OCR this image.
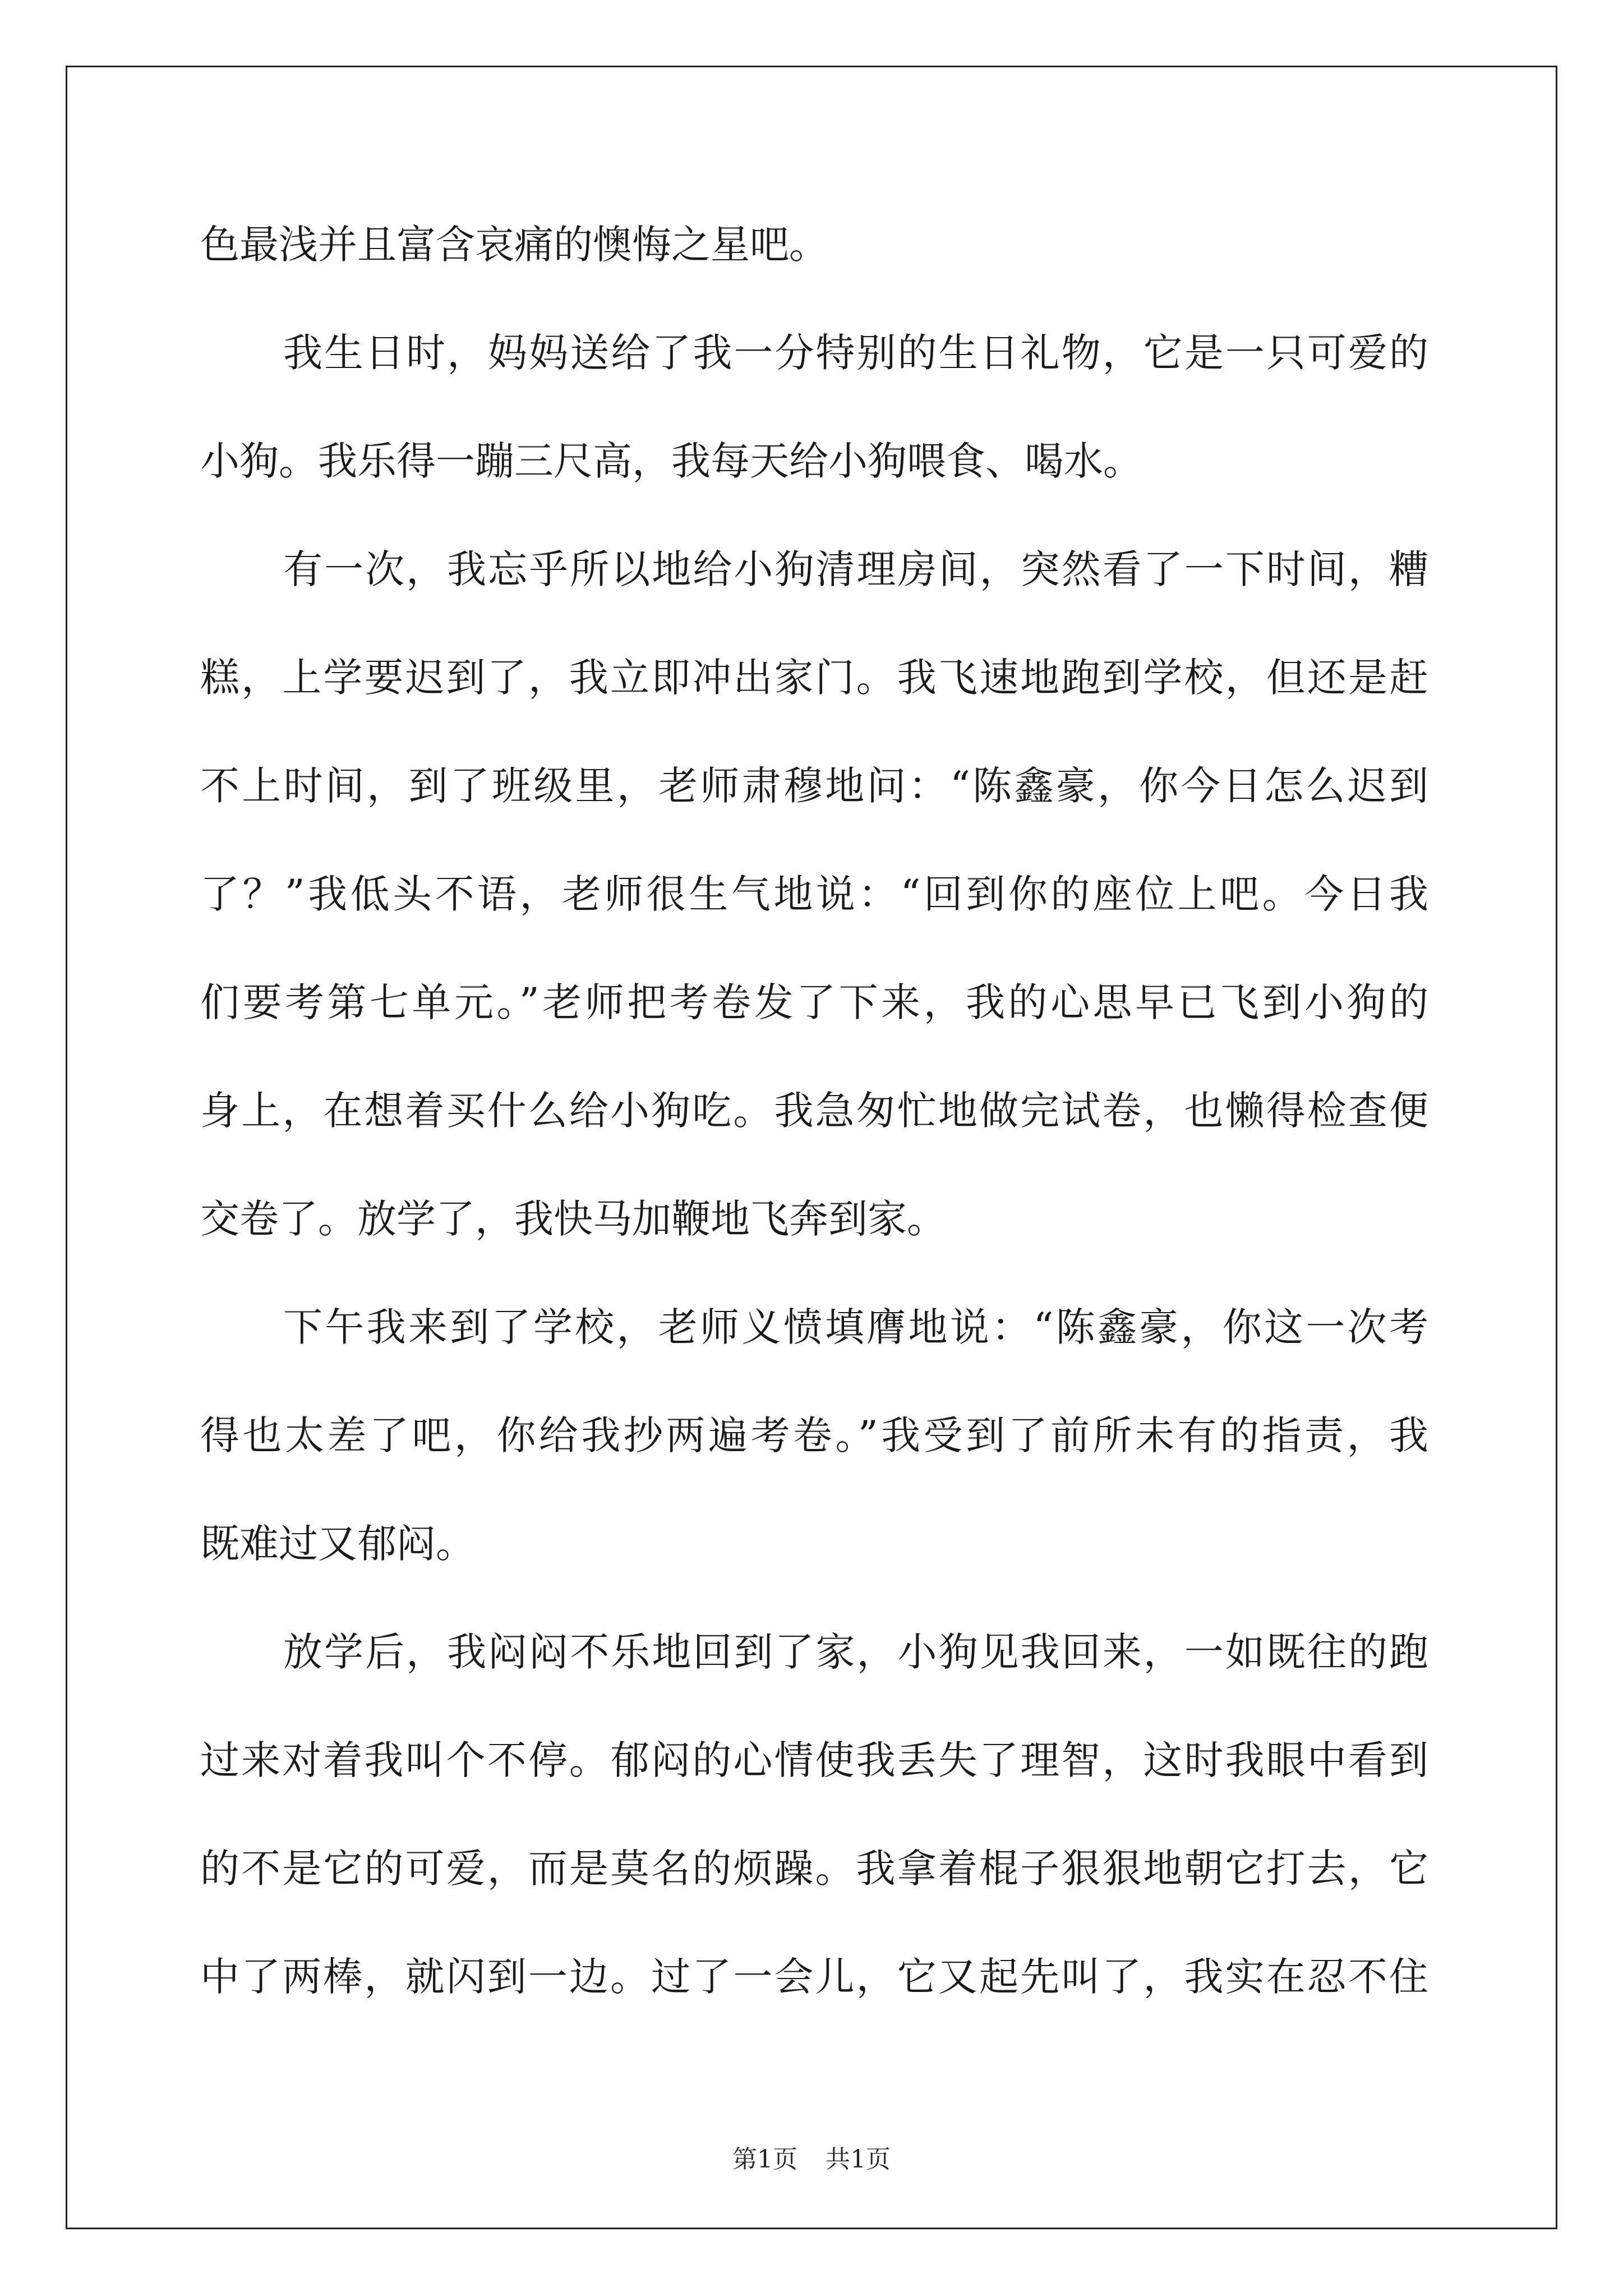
色最浅并且富含哀痛的懊悔之星吧。
我生日时，妈妈送给了我一分特别的生日礼物，它是一只可爱的
小狗。我乐得一蹦三尺高，我每天给小狗喂食、喝水。
有一次，我忘乎所以地给小狗清理房间，突然看了一下时间，糟
糕，上学要迟到了，我立即冲出家门。我飞速地跑到学校，但还是赶
不上时间，到了班级里，老师肃穆地问：“陈鑫豪，你今日怎么迟到
了？”我低头不语，老师很生气地说：“回到你的座位上吧。今日我
们要考第七单元。”老师把考卷发了下来，我的心思早已飞到小狗的
身上，在想着买什么给小狗吃。我急匆忙地做完试卷，也懒得检查便
交卷了。放学了，我快马加鞭地飞奔到家。
下午我来到了学校，老师义愤填膺地说：“陈鑫豪，你这一次考
得也太差了吧，你给我抄两遍考卷。”我受到了前所未有的指责，我
既难过又郁闷。
放学后，我闷闷不乐地回到了家，小狗见我回来，一如既往的跑
过来对着我叫个不停。郁闷的心情使我丢失了理智，这时我眼中看到
的不是它的可爱，而是莫名的烦躁。我拿着棍子狠狠地朝它打去，它
中了两棒，就闪到一边。过了一会儿，它又起先叫了，我实在忍不住
第1页 共1页
